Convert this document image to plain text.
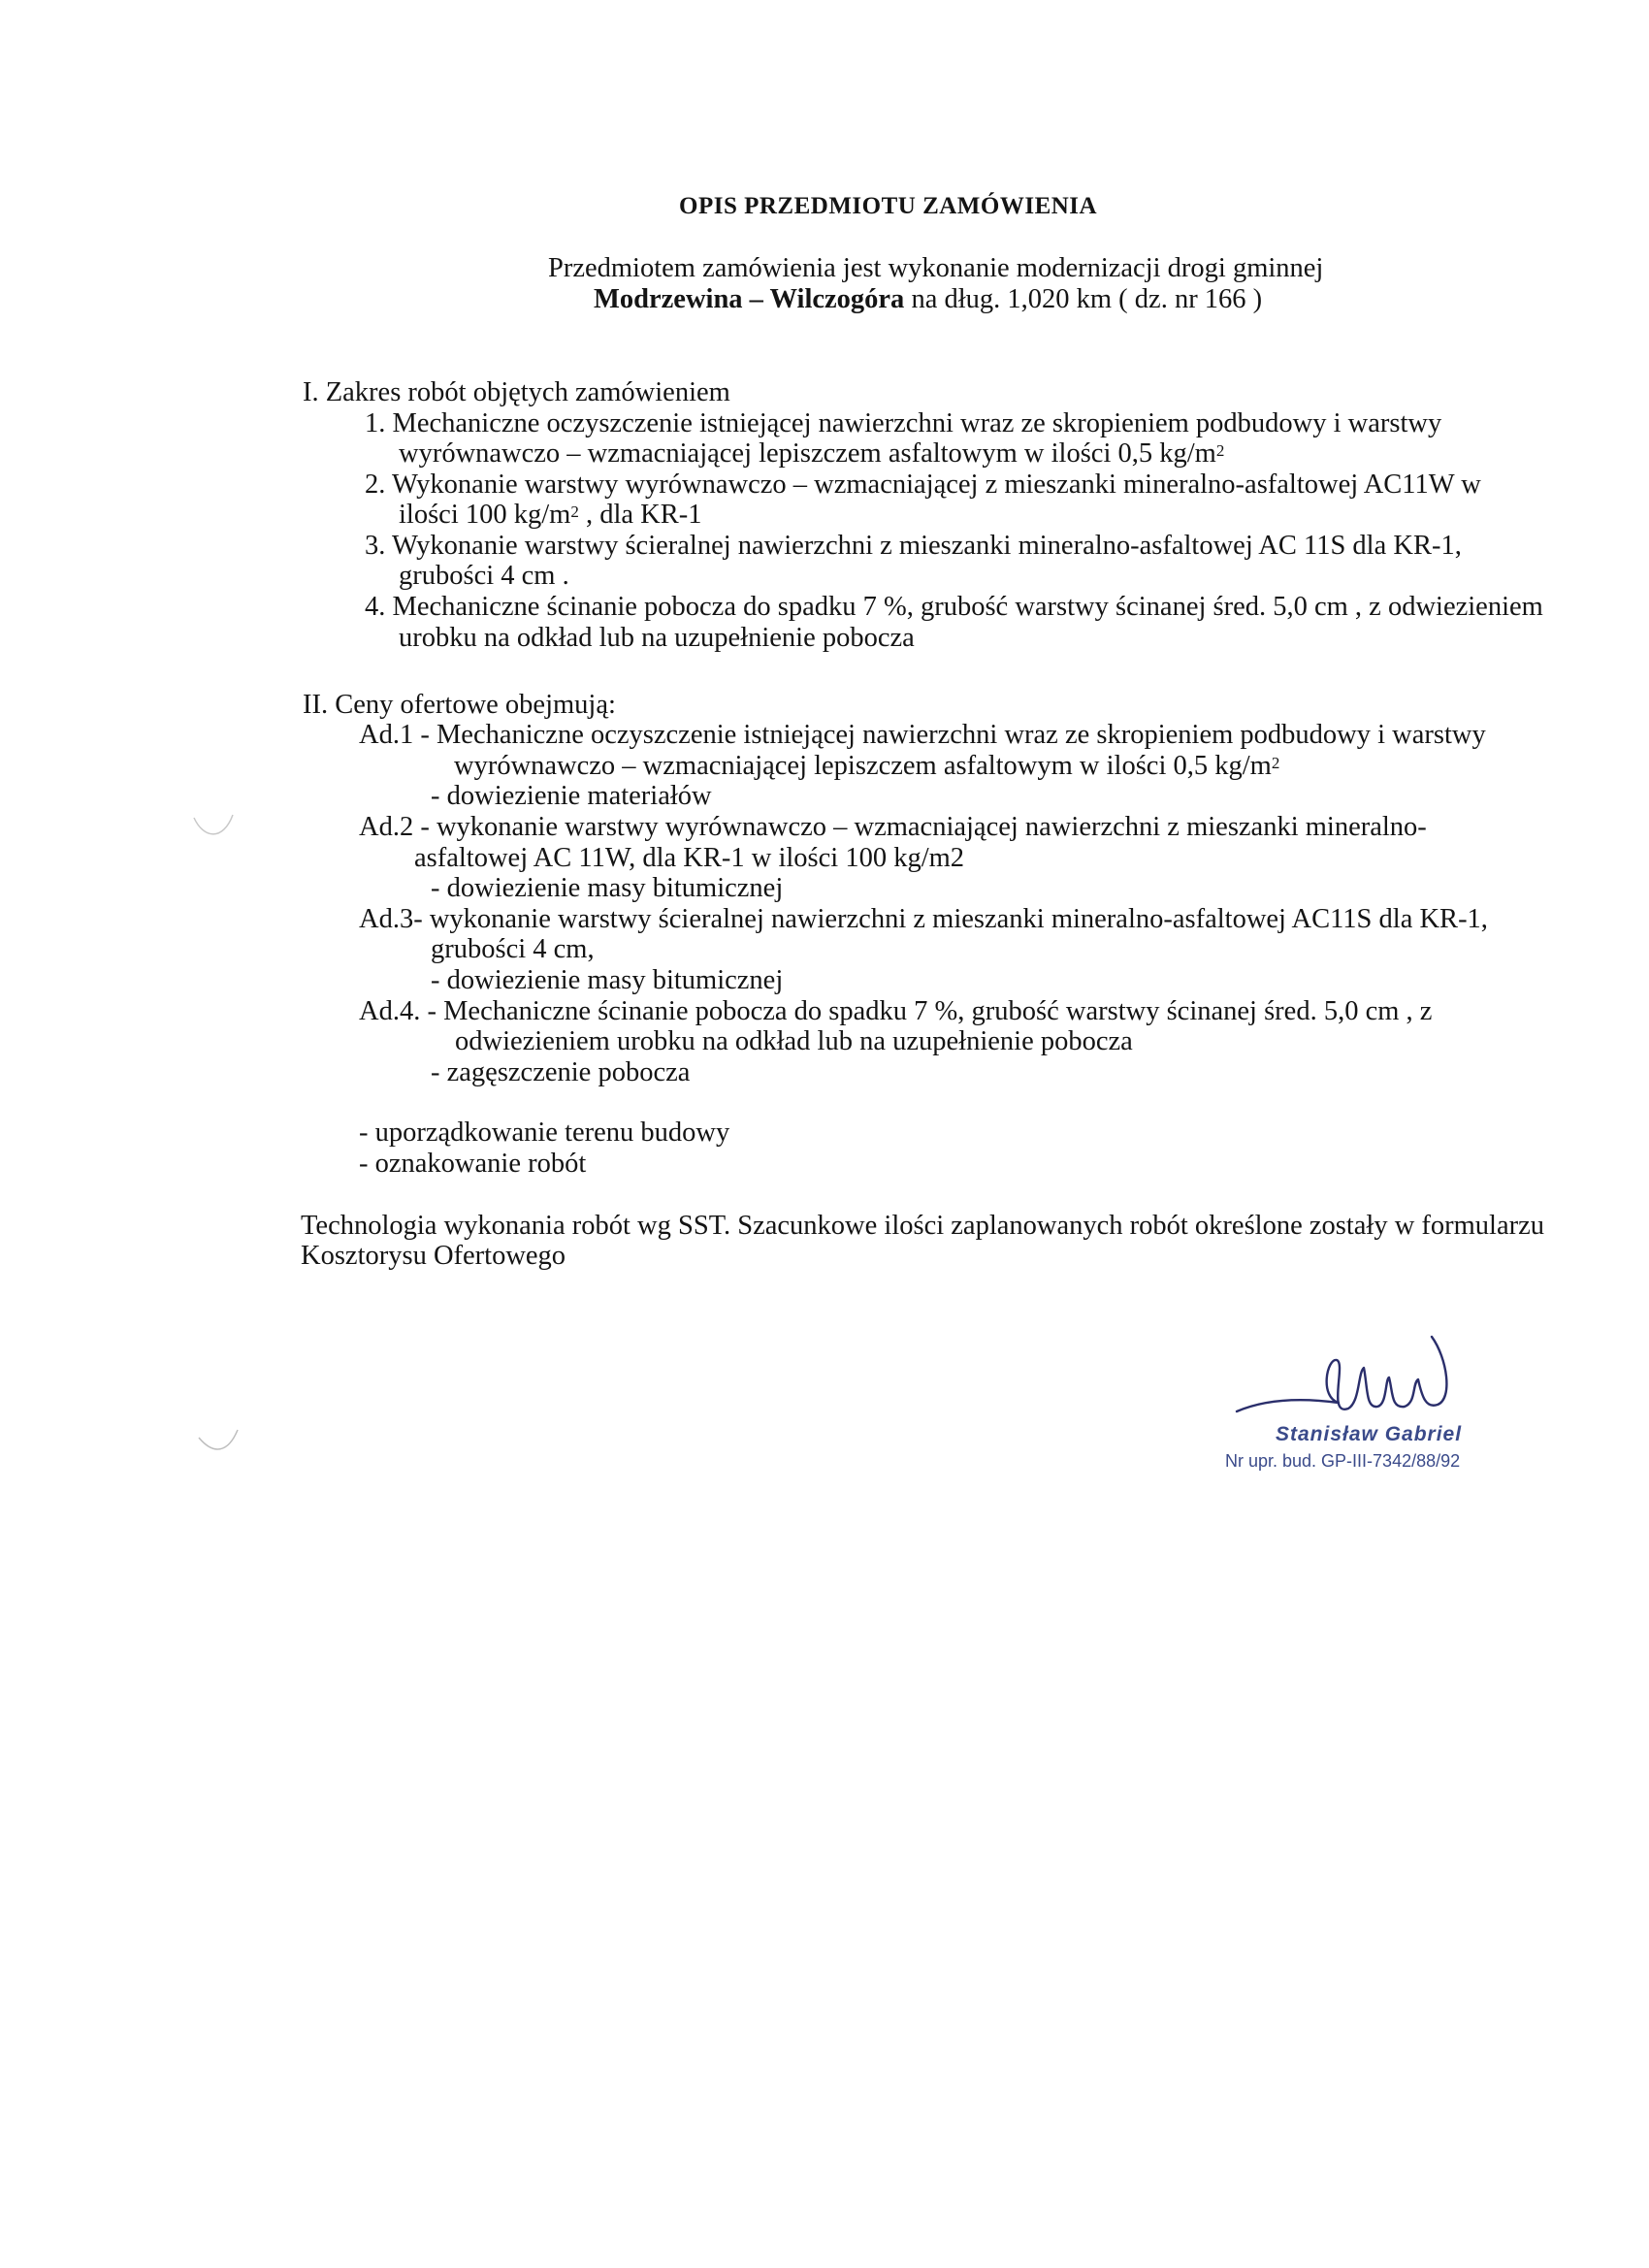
OPIS PRZEDMIOTU ZAMÓWIENIA
Przedmiotem zamówienia jest wykonanie modernizacji drogi gminnej
Modrzewina – Wilczogóra na dług. 1,020 km ( dz. nr 166 )
I. Zakres robót objętych zamówieniem
1. Mechaniczne oczyszczenie istniejącej nawierzchni wraz ze skropieniem podbudowy i warstwy
wyrównawczo – wzmacniającej lepiszczem asfaltowym w ilości 0,5 $kg/m^2$
2. Wykonanie warstwy wyrównawczo – wzmacniającej z mieszanki mineralno-asfaltowej AC11W w
ilości 100 $kg/m^2$ , dla KR-1
3. Wykonanie warstwy ścieralnej nawierzchni z mieszanki mineralno-asfaltowej AC 11S dla KR-1,
grubości 4 cm .
4. Mechaniczne ścinanie pobocza do spadku 7 %, grubość warstwy ścinanej śred. 5,0 cm , z odwiezieniem
urobku na odkład lub na uzupełnienie pobocza
II. Ceny ofertowe obejmują:
Ad.1 - Mechaniczne oczyszczenie istniejącej nawierzchni wraz ze skropieniem podbudowy i warstwy
wyrównawczo – wzmacniającej lepiszczem asfaltowym w ilości 0,5 $kg/m^2$
- dowiezienie materiałów
Ad.2 - wykonanie warstwy wyrównawczo – wzmacniającej nawierzchni z mieszanki mineralno-
asfaltowej AC 11W, dla KR-1 w ilości 100 kg/m2
- dowiezienie masy bitumicznej
Ad.3- wykonanie warstwy ścieralnej nawierzchni z mieszanki mineralno-asfaltowej AC11S dla KR-1,
grubości 4 cm,
- dowiezienie masy bitumicznej
Ad.4. - Mechaniczne ścinanie pobocza do spadku 7 %, grubość warstwy ścinanej śred. 5,0 cm , z
odwiezieniem urobku na odkład lub na uzupełnienie pobocza
- zagęszczenie pobocza
- uporządkowanie terenu budowy
- oznakowanie robót
Technologia wykonania robót wg SST. Szacunkowe ilości zaplanowanych robót określone zostały w formularzu
Kosztorysu Ofertowego
Stanisław Gabriel
Nr upr. bud. GP-III-7342/88/92
